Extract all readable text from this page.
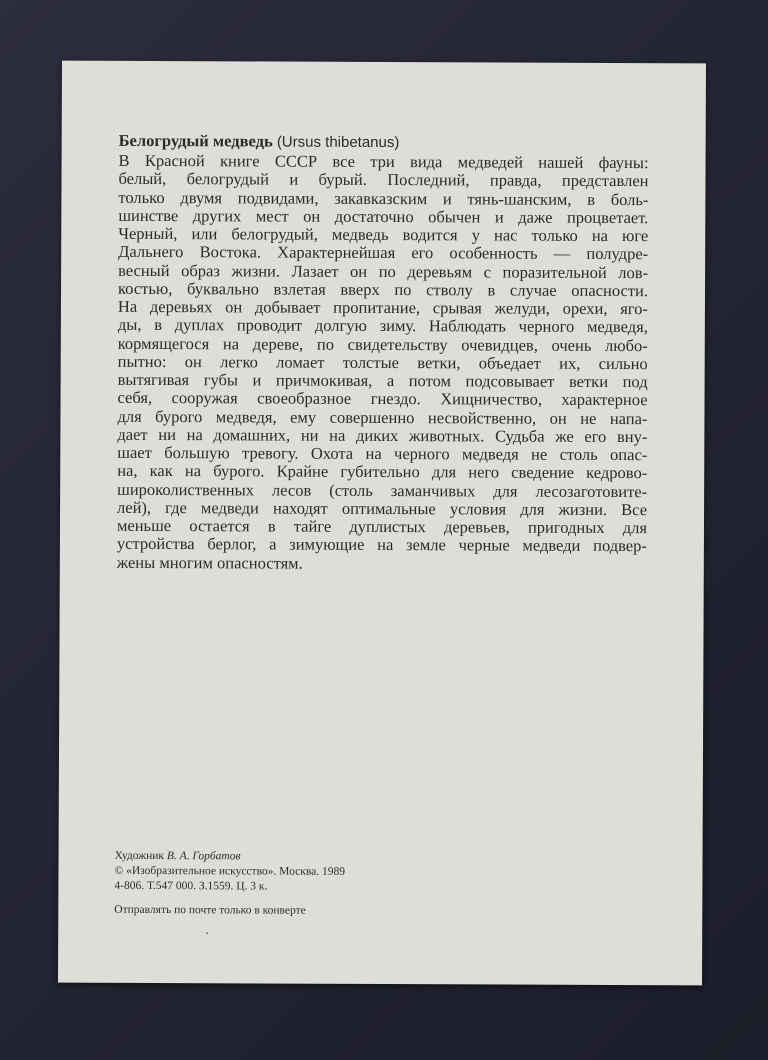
Белогрудый медведь (Ursus thibetanus)

В Красной книге СССР все три вида медведей нашей фауны:
белый, белогрудый и бурый. Последний, правда, представлен
только двумя подвидами, закавказским и тянь-шанским, в боль-
шинстве других мест он достаточно обычен и даже процветает.
Черный, или белогрудый, медведь водится у нас только на юге
Дальнего Востока. Характернейшая его особенность — полудре-
весный образ жизни. Лазает он по деревьям с поразительной лов-
костью, буквально взлетая вверх по стволу в случае опасности.
На деревьях он добывает пропитание, срывая желуди, орехи, яго-
ды, в дуплах проводит долгую зиму. Наблюдать черного медведя,
кормящегося на дереве, по свидетельству очевидцев, очень любо-
пытно: он легко ломает толстые ветки, объедает их, сильно
вытягивая губы и причмокивая, а потом подсовывает ветки под
себя, сооружая своеобразное гнездо. Хищничество, характерное
для бурого медведя, ему совершенно несвойственно, он не напа-
дает ни на домашних, ни на диких животных. Судьба же его вну-
шает большую тревогу. Охота на черного медведя не столь опас-
на, как на бурого. Крайне губительно для него сведение кедрово-
широколиственных лесов (столь заманчивых для лесозаготовите-
лей), где медведи находят оптимальные условия для жизни. Все
меньше остается в тайге дуплистых деревьев, пригодных для
устройства берлог, а зимующие на земле черные медведи подвер-
жены многим опасностям.
Художник В. А. Горбатов
© «Изобразительное искусство». Москва. 1989
4-806. Т.547 000. З.1559. Ц. 3 к.
Отправлять по почте только в конверте
